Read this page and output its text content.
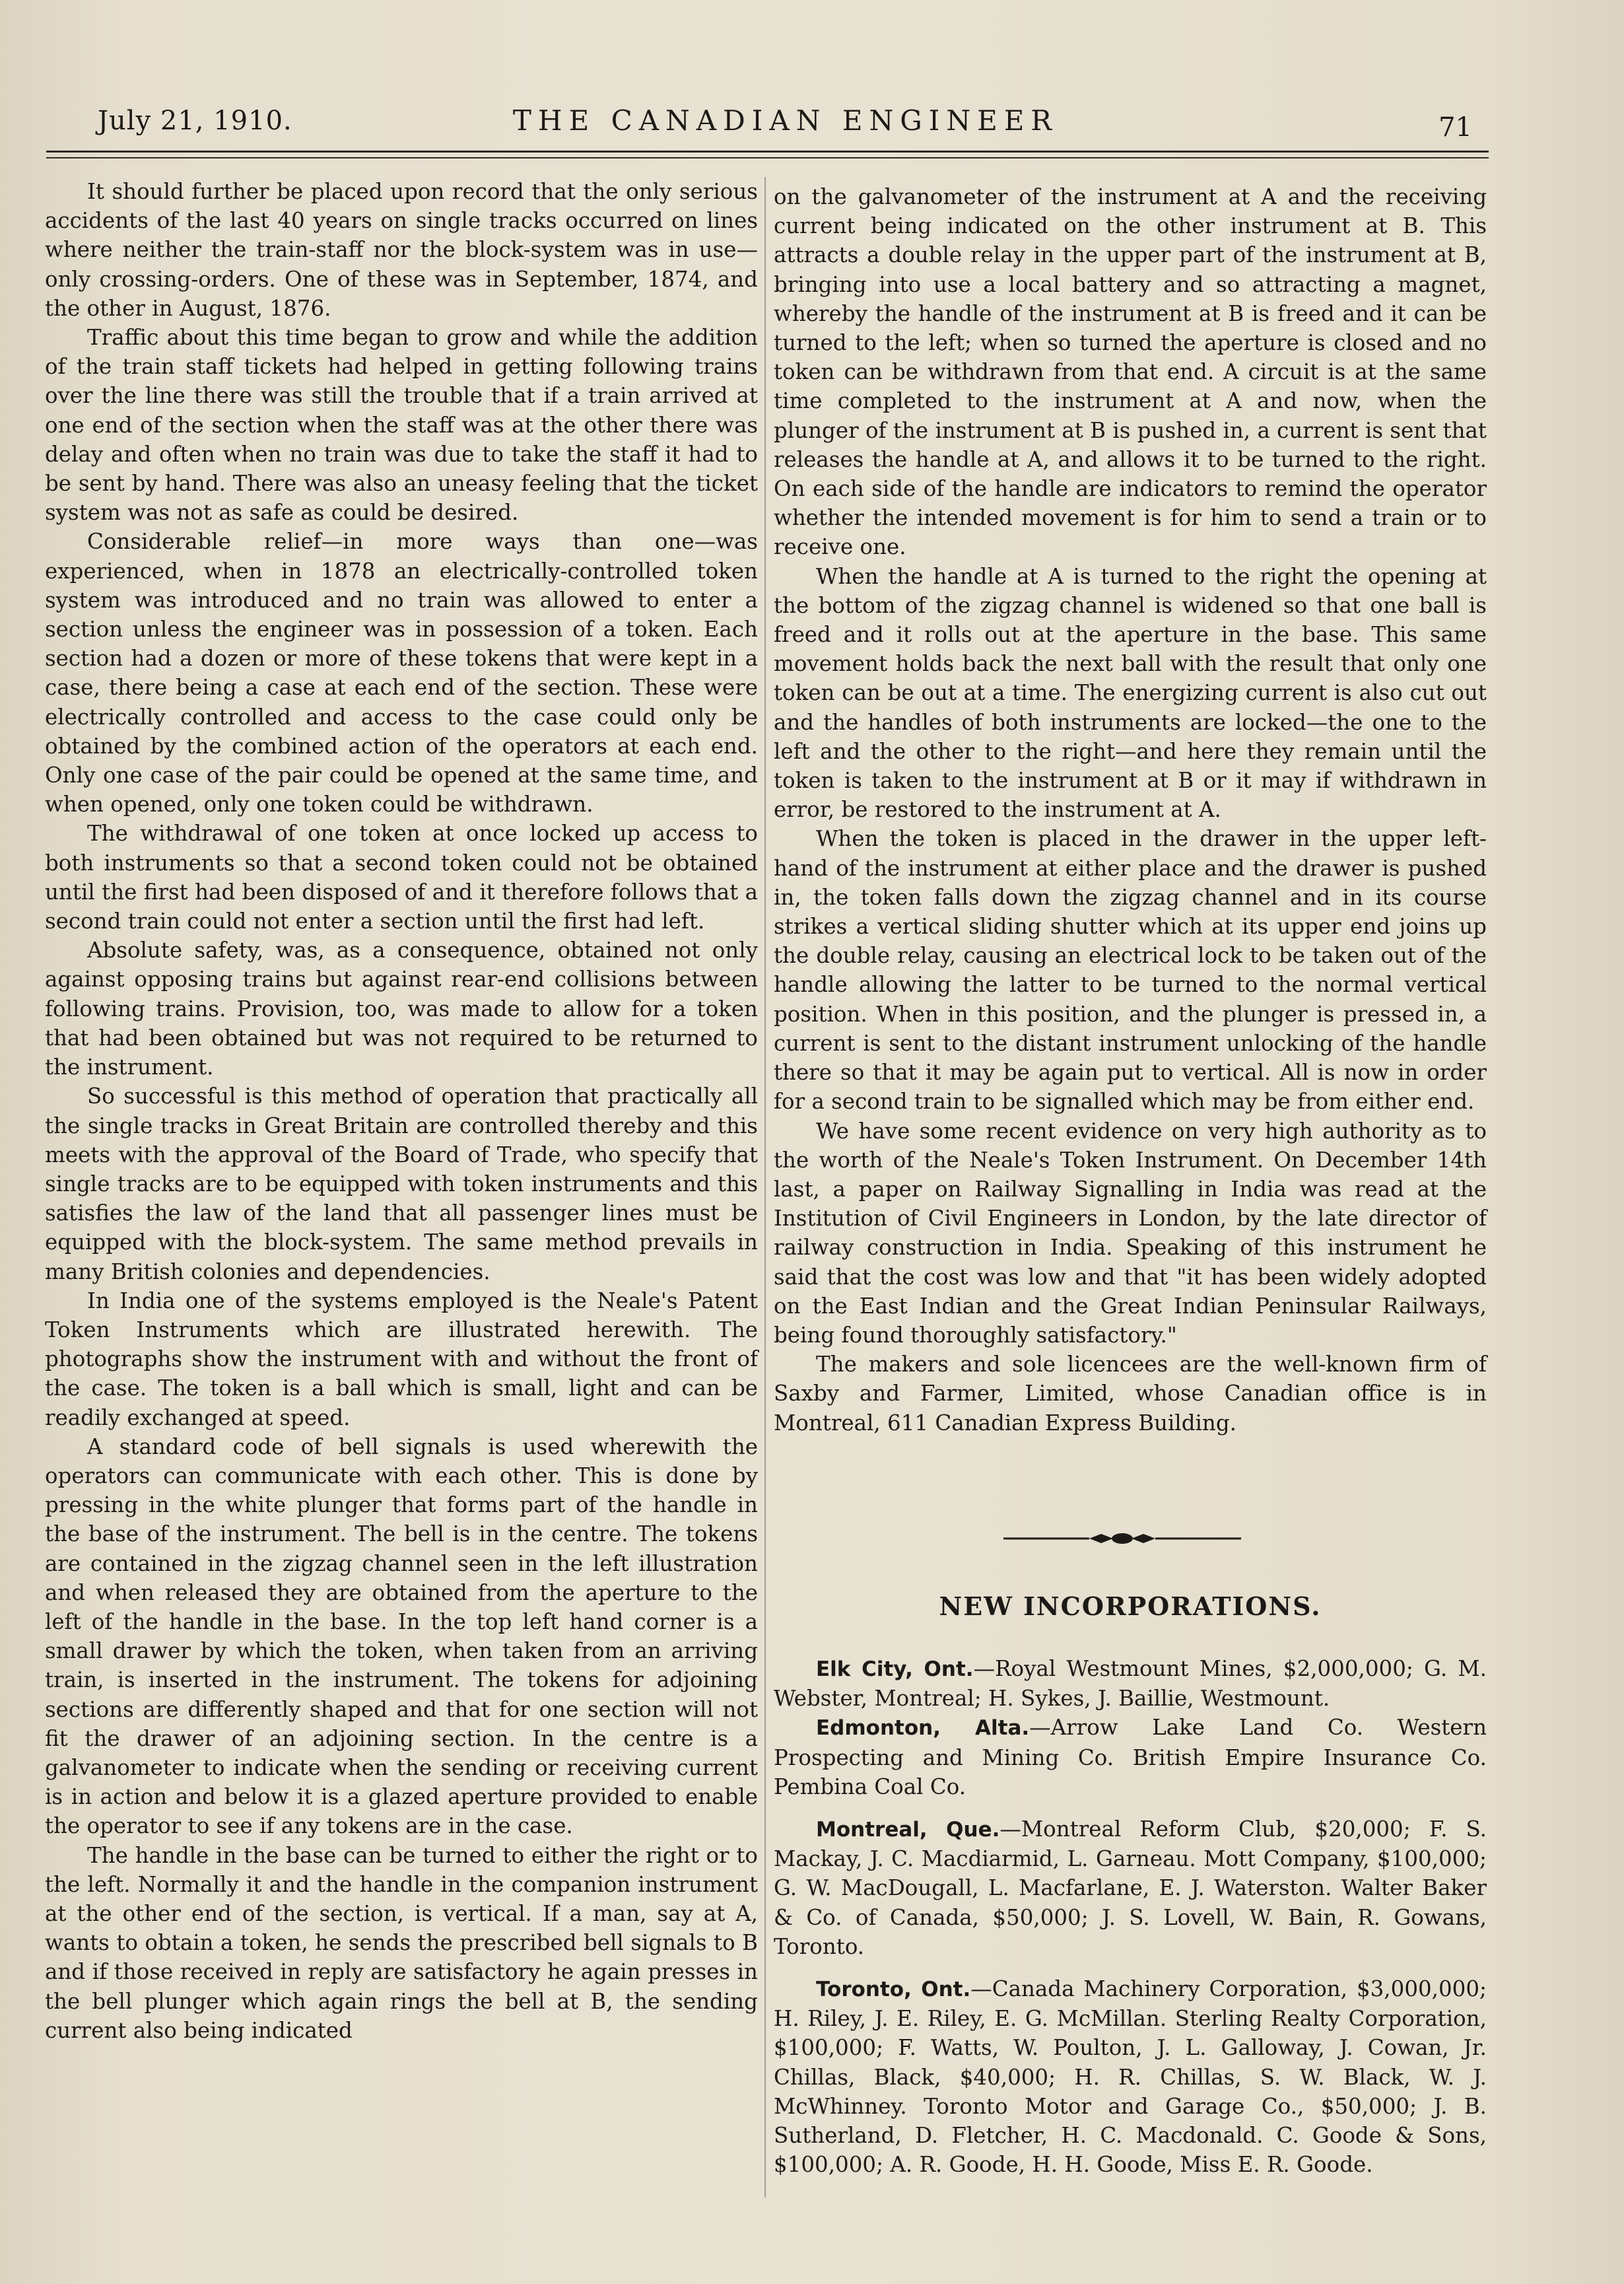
July 21, 1910.	THE CANADIAN ENGINEER	71

It should further be placed upon record that the only serious accidents of the last 40 years on single tracks occurred on lines where neither the train-staff nor the block-system was in use—only crossing-orders. One of these was in September, 1874, and the other in August, 1876.

Traffic about this time began to grow and while the addition of the train staff tickets had helped in getting following trains over the line there was still the trouble that if a train arrived at one end of the section when the staff was at the other there was delay and often when no train was due to take the staff it had to be sent by hand. There was also an uneasy feeling that the ticket system was not as safe as could be desired.

Considerable relief—in more ways than one—was experienced, when in 1878 an electrically-controlled token system was introduced and no train was allowed to enter a section unless the engineer was in possession of a token. Each section had a dozen or more of these tokens that were kept in a case, there being a case at each end of the section. These were electrically controlled and access to the case could only be obtained by the combined action of the operators at each end. Only one case of the pair could be opened at the same time, and when opened, only one token could be withdrawn.

The withdrawal of one token at once locked up access to both instruments so that a second token could not be obtained until the first had been disposed of and it therefore follows that a second train could not enter a section until the first had left.

Absolute safety, was, as a consequence, obtained not only against opposing trains but against rear-end collisions between following trains. Provision, too, was made to allow for a token that had been obtained but was not required to be returned to the instrument.

So successful is this method of operation that practically all the single tracks in Great Britain are controlled thereby and this meets with the approval of the Board of Trade, who specify that single tracks are to be equipped with token instruments and this satisfies the law of the land that all passenger lines must be equipped with the block-system. The same method prevails in many British colonies and dependencies.

In India one of the systems employed is the Neale's Patent Token Instruments which are illustrated herewith. The photographs show the instrument with and without the front of the case. The token is a ball which is small, light and can be readily exchanged at speed.

A standard code of bell signals is used wherewith the operators can communicate with each other. This is done by pressing in the white plunger that forms part of the handle in the base of the instrument. The bell is in the centre. The tokens are contained in the zigzag channel seen in the left illustration and when released they are obtained from the aperture to the left of the handle in the base. In the top left hand corner is a small drawer by which the token, when taken from an arriving train, is inserted in the instrument. The tokens for adjoining sections are differently shaped and that for one section will not fit the drawer of an adjoining section. In the centre is a galvanometer to indicate when the sending or receiving current is in action and below it is a glazed aperture provided to enable the operator to see if any tokens are in the case.

The handle in the base can be turned to either the right or to the left. Normally it and the handle in the companion instrument at the other end of the section, is vertical. If a man, say at A, wants to obtain a token, he sends the prescribed bell signals to B and if those received in reply are satisfactory he again presses in the bell plunger which again rings the bell at B, the sending current also being indicated

on the galvanometer of the instrument at A and the receiving current being indicated on the other instrument at B. This attracts a double relay in the upper part of the instrument at B, bringing into use a local battery and so attracting a magnet, whereby the handle of the instrument at B is freed and it can be turned to the left; when so turned the aperture is closed and no token can be withdrawn from that end. A circuit is at the same time completed to the instrument at A and now, when the plunger of the instrument at B is pushed in, a current is sent that releases the handle at A, and allows it to be turned to the right. On each side of the handle are indicators to remind the operator whether the intended movement is for him to send a train or to receive one.

When the handle at A is turned to the right the opening at the bottom of the zigzag channel is widened so that one ball is freed and it rolls out at the aperture in the base. This same movement holds back the next ball with the result that only one token can be out at a time. The energizing current is also cut out and the handles of both instruments are locked—the one to the left and the other to the right—and here they remain until the token is taken to the instrument at B or it may if withdrawn in error, be restored to the instrument at A.

When the token is placed in the drawer in the upper left-hand of the instrument at either place and the drawer is pushed in, the token falls down the zigzag channel and in its course strikes a vertical sliding shutter which at its upper end joins up the double relay, causing an electrical lock to be taken out of the handle allowing the latter to be turned to the normal vertical position. When in this position, and the plunger is pressed in, a current is sent to the distant instrument unlocking of the handle there so that it may be again put to vertical. All is now in order for a second train to be signalled which may be from either end.

We have some recent evidence on very high authority as to the worth of the Neale's Token Instrument. On December 14th last, a paper on Railway Signalling in India was read at the Institution of Civil Engineers in London, by the late director of railway construction in India. Speaking of this instrument he said that the cost was low and that "it has been widely adopted on the East Indian and the Great Indian Peninsular Railways, being found thoroughly satisfactory."

The makers and sole licencees are the well-known firm of Saxby and Farmer, Limited, whose Canadian office is in Montreal, 611 Canadian Express Building.

NEW INCORPORATIONS.

Elk City, Ont.—Royal Westmount Mines, $2,000,000; G. M. Webster, Montreal; H. Sykes, J. Baillie, Westmount.

Edmonton, Alta.—Arrow Lake Land Co. Western Prospecting and Mining Co. British Empire Insurance Co. Pembina Coal Co.

Montreal, Que.—Montreal Reform Club, $20,000; F. S. Mackay, J. C. Macdiarmid, L. Garneau. Mott Company, $100,000; G. W. MacDougall, L. Macfarlane, E. J. Waterston. Walter Baker & Co. of Canada, $50,000; J. S. Lovell, W. Bain, R. Gowans, Toronto.

Toronto, Ont.—Canada Machinery Corporation, $3,000,000; H. Riley, J. E. Riley, E. G. McMillan. Sterling Realty Corporation, $100,000; F. Watts, W. Poulton, J. L. Galloway, J. Cowan, Jr. Chillas, Black, $40,000; H. R. Chillas, S. W. Black, W. J. McWhinney. Toronto Motor and Garage Co., $50,000; J. B. Sutherland, D. Fletcher, H. C. Macdonald. C. Goode & Sons, $100,000; A. R. Goode, H. H. Goode, Miss E. R. Goode.
